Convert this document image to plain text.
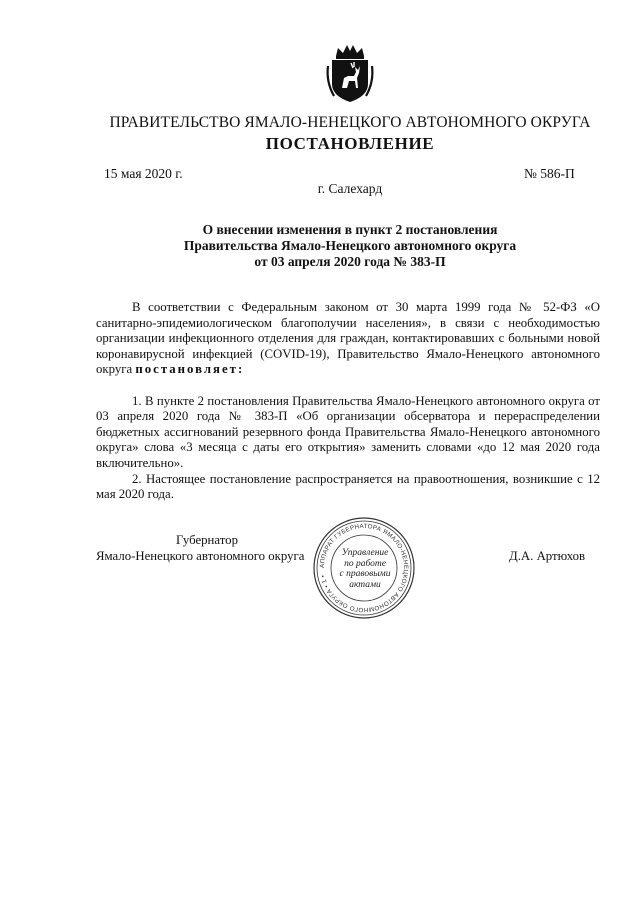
ПРАВИТЕЛЬСТВО ЯМАЛО-НЕНЕЦКОГО АВТОНОМНОГО ОКРУГА
ПОСТАНОВЛЕНИЕ
15 мая 2020 г.	№ 586-П
г. Салехард
О внесении изменения в пункт 2 постановления
Правительства Ямало-Ненецкого автономного округа
от 03 апреля 2020 года № 383-П

В соответствии с Федеральным законом от 30 марта 1999 года № 52-ФЗ «О санитарно-эпидемиологическом благополучии населения», в связи с необходимостью организации инфекционного отделения для граждан, контактировавших с больными новой коронавирусной инфекцией (COVID-19), Правительство Ямало-Ненецкого автономного округа постановляет:

1. В пункте 2 постановления Правительства Ямало-Ненецкого автономного округа от 03 апреля 2020 года № 383-П «Об организации обсерватора и перераспределении бюджетных ассигнований резервного фонда Правительства Ямало-Ненецкого автономного округа» слова «3 месяца с даты его открытия» заменить словами «до 12 мая 2020 года включительно».

2. Настоящее постановление распространяется на правоотношения, возникшие с 12 мая 2020 года.

Губернатор
Ямало-Ненецкого автономного округа
АППАРАТ ГУБЕРНАТОРА ЯМАЛО-НЕНЕЦКОГО АВТОНОМНОГО ОКРУГА • 1 •
Управление
по работе
с правовыми
актами
Д.А. Артюхов
